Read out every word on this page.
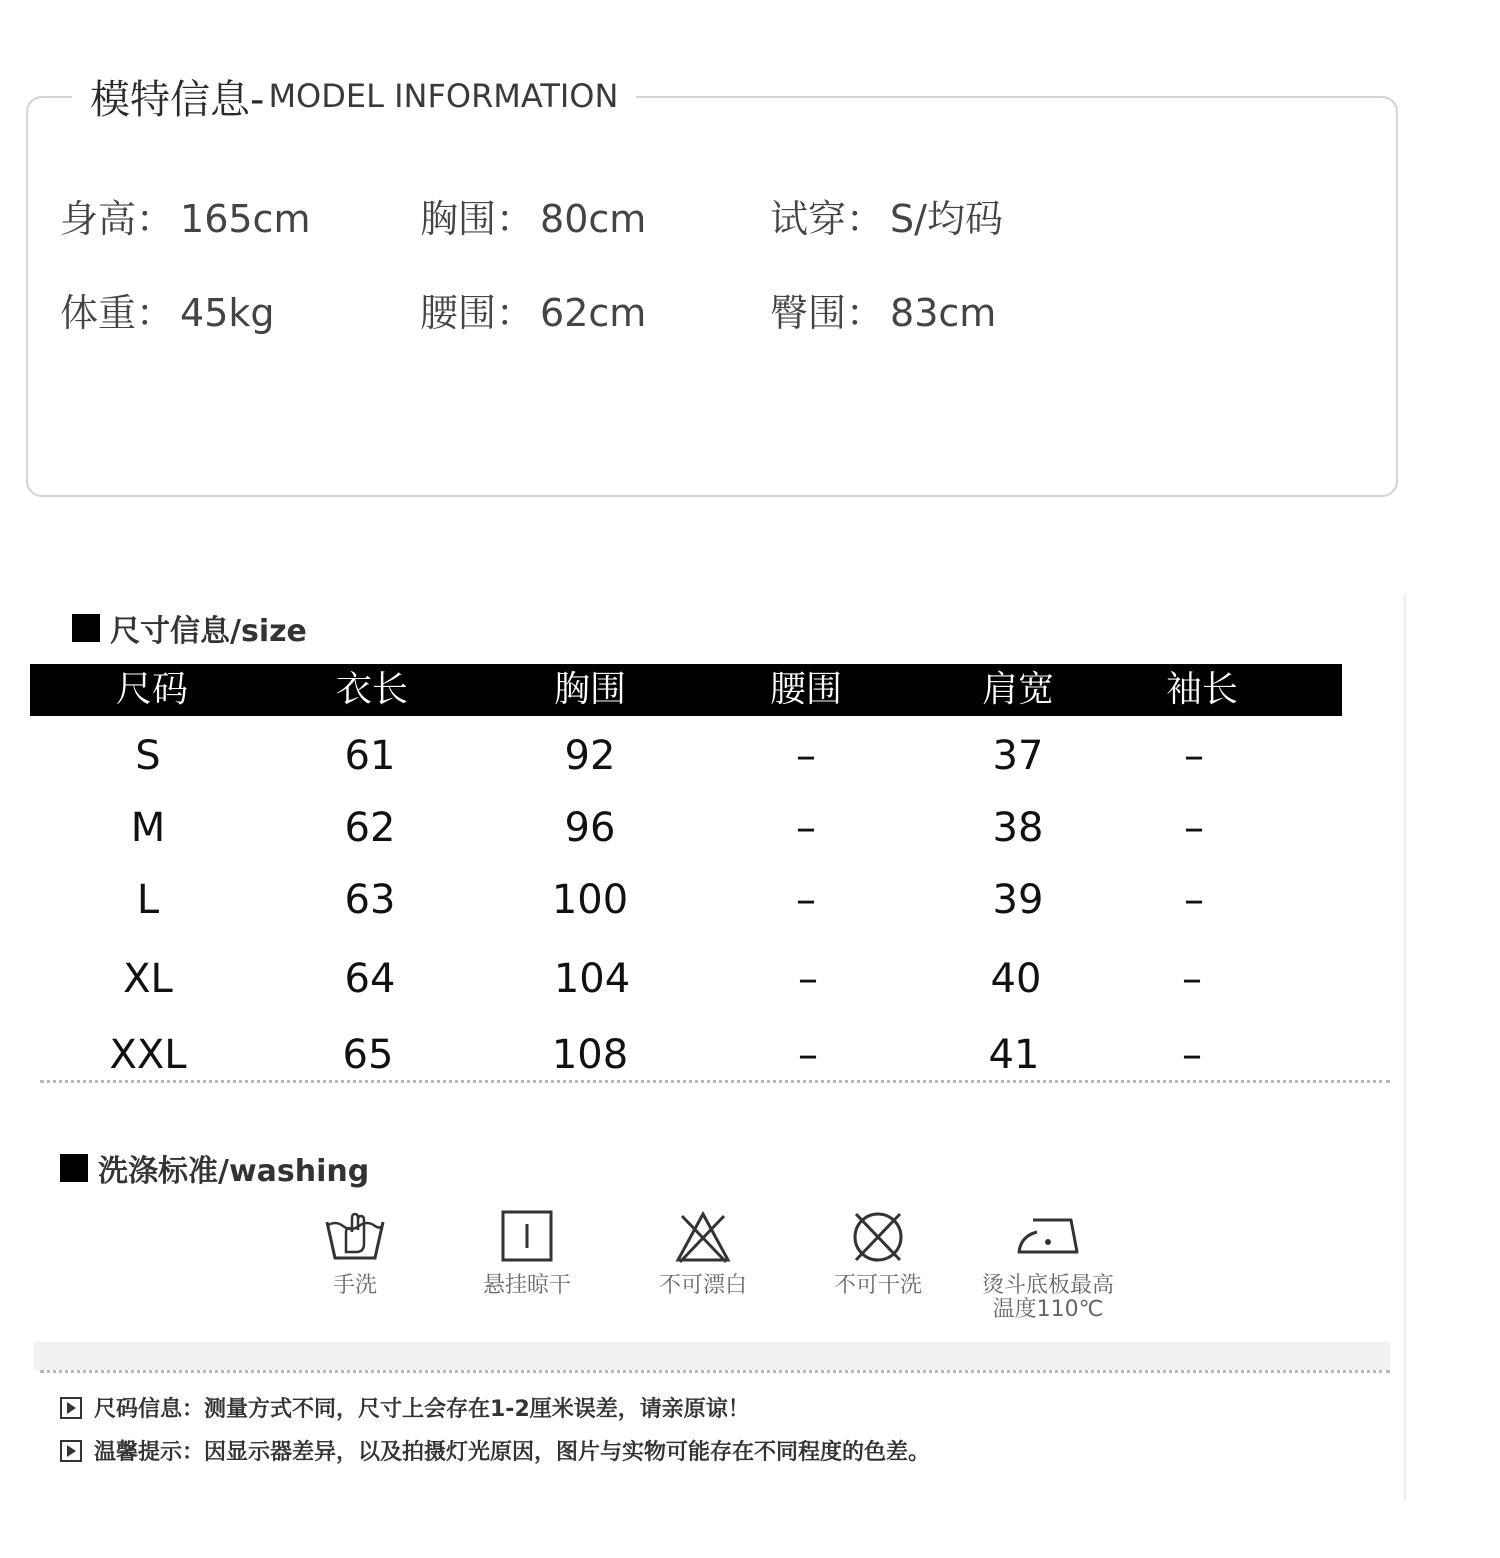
模特信息- MODEL INFORMATION
身高： 165cm	胸围： 80cm	试穿： S/均码
体重： 45kg	腰围： 62cm	臀围： 83cm
尺寸信息/size
尺码	衣长	胸围	腰围	肩宽	袖长
S	61	92	–	37	–
M	62	96	–	38	–
L	63	100	–	39	–
XL	64	104	–	40	–
XXL	65	108	–	41	–
洗涤标准/washing
手洗	悬挂晾干	不可漂白	不可干洗	烫斗底板最高
温度110℃
尺码信息：测量方式不同，尺寸上会存在1-2厘米误差，请亲原谅！
温馨提示：因显示器差异，以及拍摄灯光原因，图片与实物可能存在不同程度的色差。
